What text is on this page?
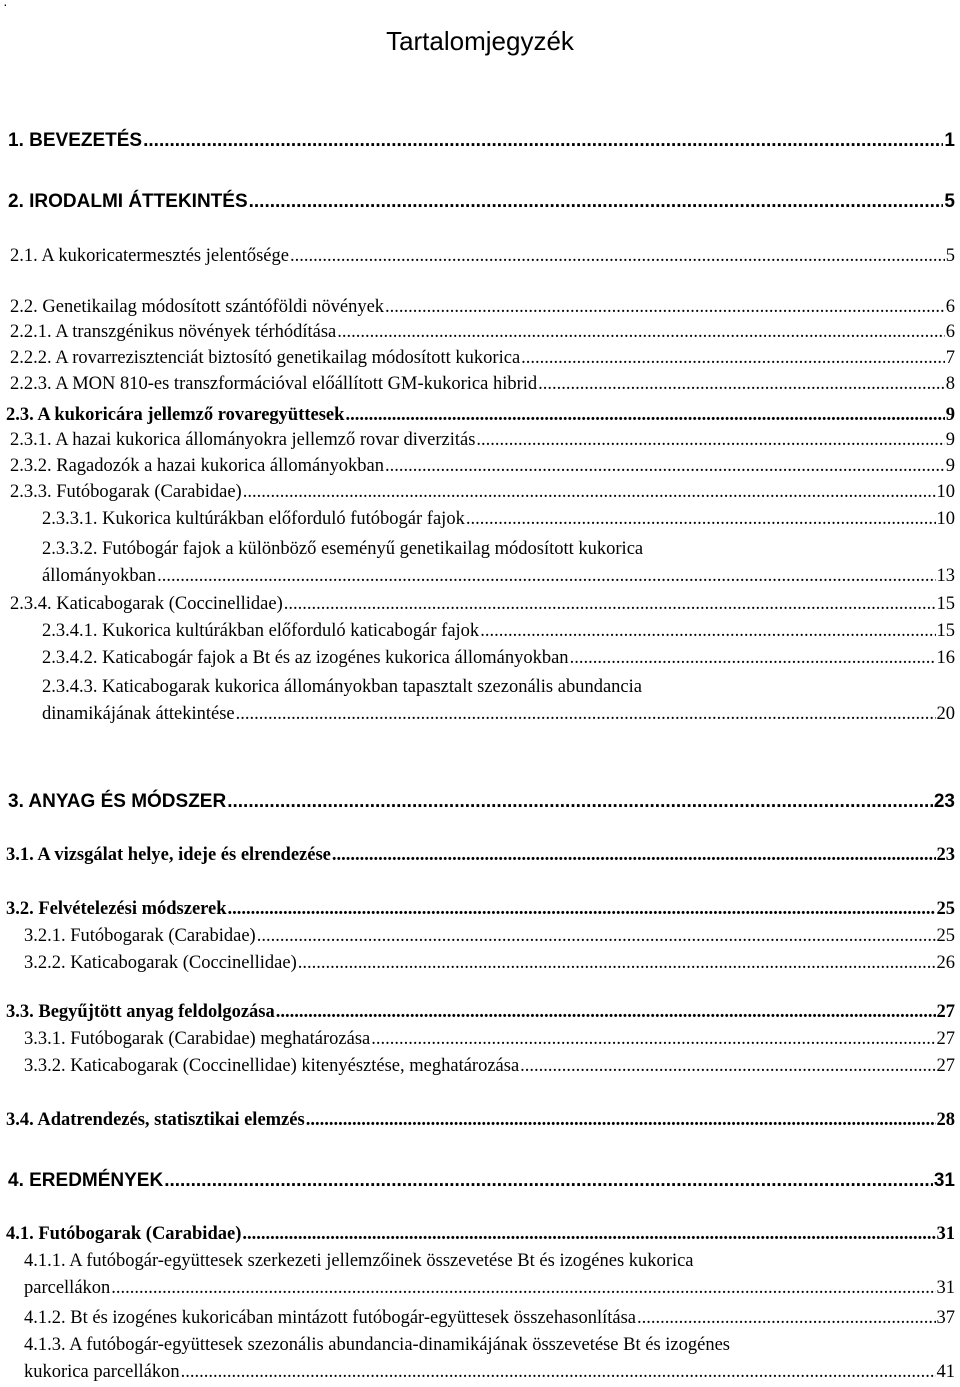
·
Tartalomjegyzék
1. BEVEZETÉS .....	1
2. IRODALMI ÁTTEKINTÉS .....	5
2.1. A kukoricatermesztés jelentősége .....	5
2.2. Genetikailag módosított szántóföldi növények .....	6
2.2.1. A transzgénikus növények térhódítása .....	6
2.2.2. A rovarrezisztenciát biztosító genetikailag módosított kukorica .....	7
2.2.3. A MON 810-es transzformációval előállított GM-kukorica hibrid .....	8
2.3. A kukoricára jellemző rovaregyüttesek .....	9
2.3.1. A hazai kukorica állományokra jellemző rovar diverzitás .....	9
2.3.2. Ragadozók a hazai kukorica állományokban .....	9
2.3.3. Futóbogarak (Carabidae) .....	10
2.3.3.1. Kukorica kultúrákban előforduló futóbogár fajok .....	10
2.3.3.2. Futóbogár fajok a különböző eseményű genetikailag módosított kukorica
állományokban .....	13
2.3.4. Katicabogarak (Coccinellidae) .....	15
2.3.4.1. Kukorica kultúrákban előforduló katicabogár fajok .....	15
2.3.4.2. Katicabogár fajok a Bt és az izogénes kukorica állományokban .....	16
2.3.4.3. Katicabogarak kukorica állományokban tapasztalt szezonális abundancia
dinamikájának áttekintése .....	20
3. ANYAG ÉS MÓDSZER .....	23
3.1. A vizsgálat helye, ideje és elrendezése .....	23
3.2. Felvételezési módszerek .....	25
3.2.1. Futóbogarak (Carabidae) .....	25
3.2.2. Katicabogarak (Coccinellidae) .....	26
3.3. Begyűjtött anyag feldolgozása .....	27
3.3.1. Futóbogarak (Carabidae) meghatározása .....	27
3.3.2. Katicabogarak (Coccinellidae) kitenyésztése, meghatározása .....	27
3.4. Adatrendezés, statisztikai elemzés .....	28
4. EREDMÉNYEK .....	31
4.1. Futóbogarak (Carabidae) .....	31
4.1.1. A futóbogár-együttesek szerkezeti jellemzőinek összevetése Bt és izogénes kukorica
parcellákon .....	31
4.1.2. Bt és izogénes kukoricában mintázott futóbogár-együttesek összehasonlítása .....	37
4.1.3. A futóbogár-együttesek szezonális abundancia-dinamikájának összevetése Bt és izogénes
kukorica parcellákon .....	41
